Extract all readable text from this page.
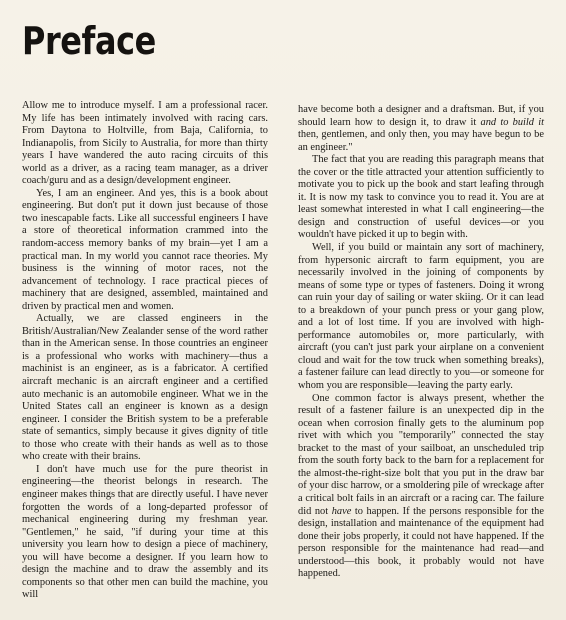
Preface

Allow me to introduce myself. I am a professional racer. My life has been intimately involved with racing cars. From Daytona to Holtville, from Baja, California, to Indianapolis, from Sicily to Australia, for more than thirty years I have wandered the auto racing circuits of this world as a driver, as a racing team manager, as a driver coach/guru and as a design/development engineer.

Yes, I am an engineer. And yes, this is a book about engineering. But don't put it down just because of those two inescapable facts. Like all successful engineers I have a store of theoretical information crammed into the random-access memory banks of my brain—yet I am a practical man. In my world you cannot race theories. My business is the winning of motor races, not the advancement of technology. I race practical pieces of machinery that are designed, assembled, maintained and driven by practical men and women.

Actually, we are classed engineers in the British/Australian/New Zealander sense of the word rather than in the American sense. In those countries an engineer is a professional who works with machinery—thus a machinist is an engineer, as is a fabricator. A certified aircraft mechanic is an aircraft engineer and a certified auto mechanic is an automobile engineer. What we in the United States call an engineer is known as a design engineer. I consider the British system to be a preferable state of semantics, simply because it gives dignity of title to those who create with their hands as well as to those who create with their brains.

I don't have much use for the pure theorist in engineering—the theorist belongs in research. The engineer makes things that are directly useful. I have never forgotten the words of a long-departed professor of mechanical engineering during my freshman year. "Gentlemen," he said, "if during your time at this university you learn how to design a piece of machinery, you will have become a designer. If you learn how to design the machine and to draw the assembly and its components so that other men can build the machine, you will

have become both a designer and a draftsman. But, if you should learn how to design it, to draw it and to build it then, gentlemen, and only then, you may have begun to be an engineer."

The fact that you are reading this paragraph means that the cover or the title attracted your attention sufficiently to motivate you to pick up the book and start leafing through it. It is now my task to convince you to read it. You are at least somewhat interested in what I call engineering—the design and construction of useful devices—or you wouldn't have picked it up to begin with.

Well, if you build or maintain any sort of machinery, from hypersonic aircraft to farm equipment, you are necessarily involved in the joining of components by means of some type or types of fasteners. Doing it wrong can ruin your day of sailing or water skiing. Or it can lead to a breakdown of your punch press or your gang plow, and a lot of lost time. If you are involved with high-performance automobiles or, more particularly, with aircraft (you can't just park your airplane on a convenient cloud and wait for the tow truck when something breaks), a fastener failure can lead directly to you—or someone for whom you are responsible—leaving the party early.

One common factor is always present, whether the result of a fastener failure is an unexpected dip in the ocean when corrosion finally gets to the aluminum pop rivet with which you "temporarily" connected the stay bracket to the mast of your sailboat, an unscheduled trip from the south forty back to the barn for a replacement for the almost-the-right-size bolt that you put in the draw bar of your disc harrow, or a smoldering pile of wreckage after a critical bolt fails in an aircraft or a racing car. The failure did not have to happen. If the persons responsible for the design, installation and maintenance of the equipment had done their jobs properly, it could not have happened. If the person responsible for the maintenance had read—and understood—this book, it probably would not have happened.
